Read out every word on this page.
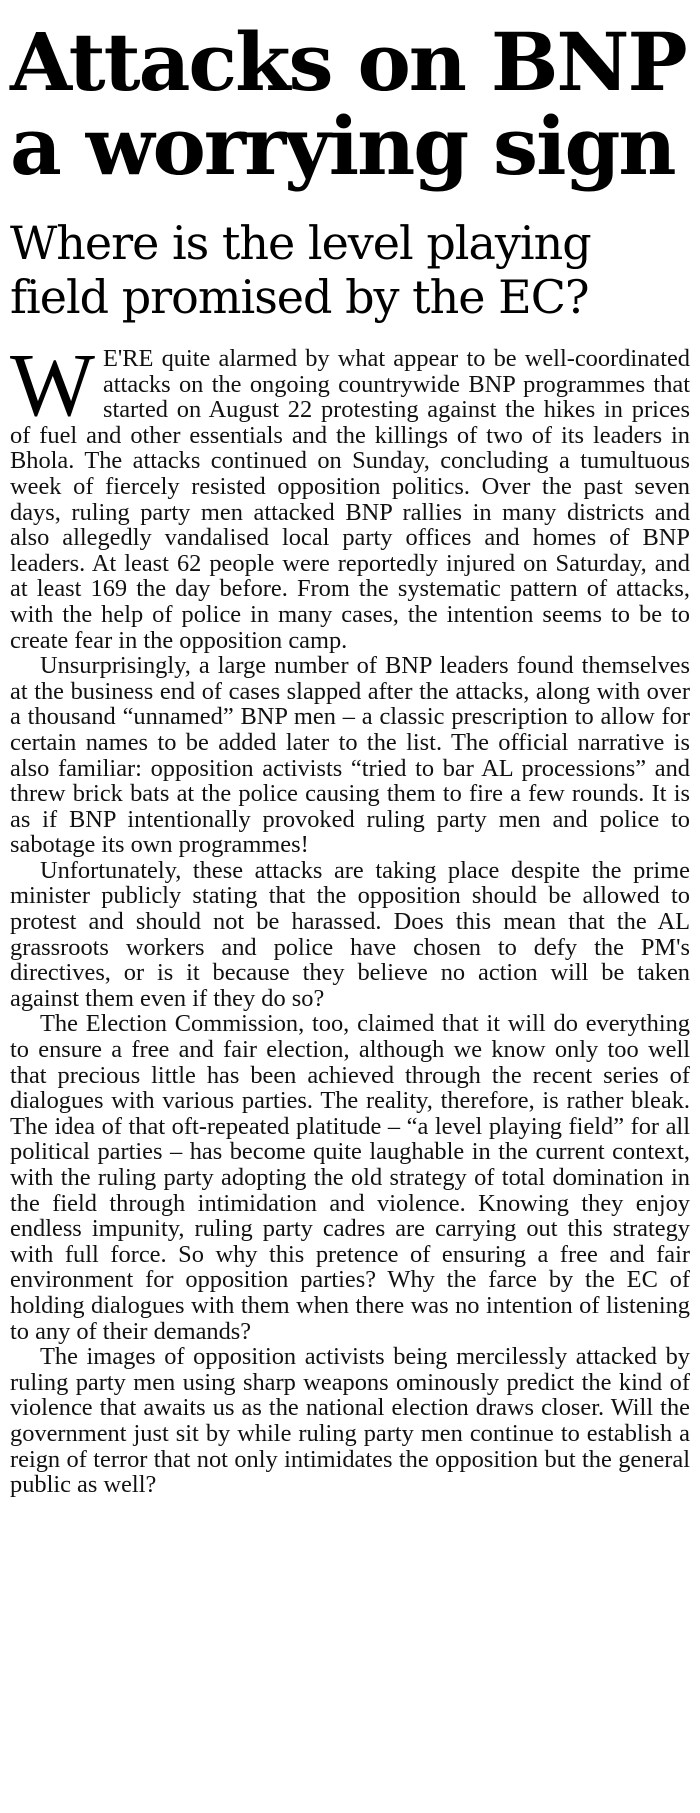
Attacks on BNP a worrying sign
Where is the level playing field promised by the EC?

W E'RE quite alarmed by what appear to be well-coordinated attacks on the ongoing countrywide BNP programmes that started on August 22 protesting against the hikes in prices of fuel and other essentials and the killings of two of its leaders in Bhola. The attacks continued on Sunday, concluding a tumultuous week of fiercely resisted opposition politics. Over the past seven days, ruling party men attacked BNP rallies in many districts and also allegedly vandalised local party offices and homes of BNP leaders. At least 62 people were reportedly injured on Saturday, and at least 169 the day before. From the systematic pattern of attacks, with the help of police in many cases, the intention seems to be to create fear in the opposition camp.

Unsurprisingly, a large number of BNP leaders found themselves at the business end of cases slapped after the attacks, along with over a thousand “unnamed” BNP men – a classic prescription to allow for certain names to be added later to the list. The official narrative is also familiar: opposition activists “tried to bar AL processions” and threw brick bats at the police causing them to fire a few rounds. It is as if BNP intentionally provoked ruling party men and police to sabotage its own programmes!

Unfortunately, these attacks are taking place despite the prime minister publicly stating that the opposition should be allowed to protest and should not be harassed. Does this mean that the AL grassroots workers and police have chosen to defy the PM's directives, or is it because they believe no action will be taken against them even if they do so?

The Election Commission, too, claimed that it will do everything to ensure a free and fair election, although we know only too well that precious little has been achieved through the recent series of dialogues with various parties. The reality, therefore, is rather bleak. The idea of that oft-repeated platitude – “a level playing field” for all political parties – has become quite laughable in the current context, with the ruling party adopting the old strategy of total domination in the field through intimidation and violence. Knowing they enjoy endless impunity, ruling party cadres are carrying out this strategy with full force. So why this pretence of ensuring a free and fair environment for opposition parties? Why the farce by the EC of holding dialogues with them when there was no intention of listening to any of their demands?

The images of opposition activists being mercilessly attacked by ruling party men using sharp weapons ominously predict the kind of violence that awaits us as the national election draws closer. Will the government just sit by while ruling party men continue to establish a reign of terror that not only intimidates the opposition but the general public as well?
